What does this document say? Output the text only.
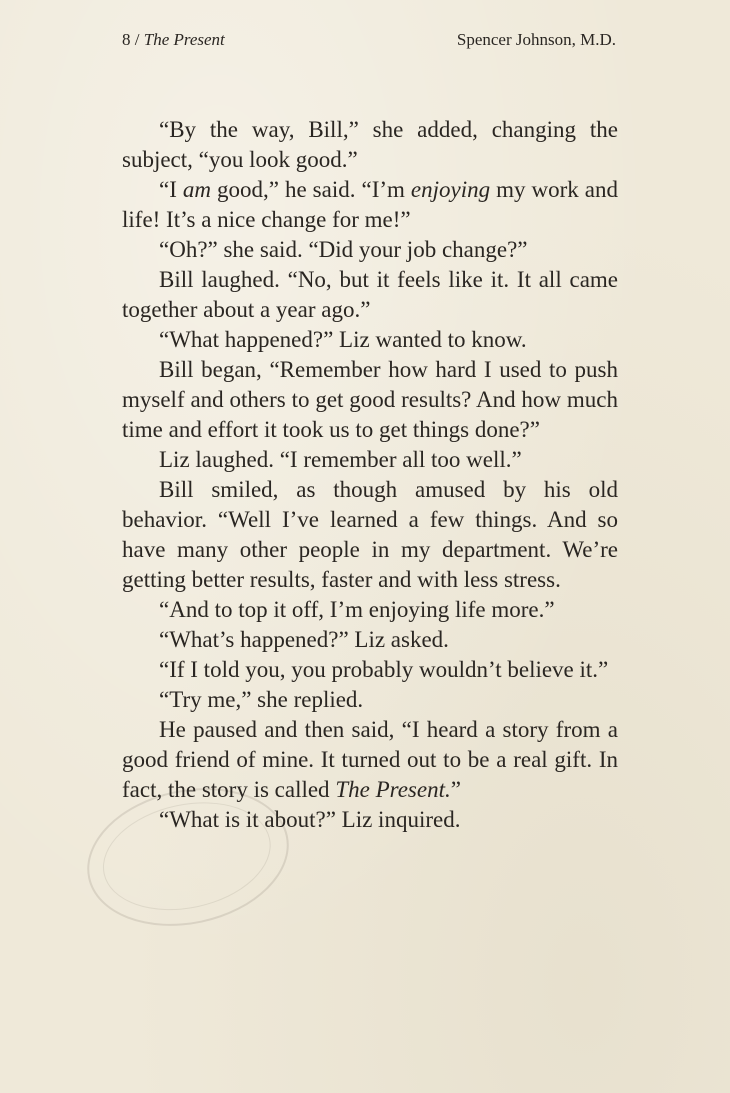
8 / The Present	Spencer Johnson, M.D.

“By the way, Bill,” she added, changing the subject, “you look good.”

“I am good,” he said. “I’m enjoying my work and life! It’s a nice change for me!”

“Oh?” she said. “Did your job change?”

Bill laughed. “No, but it feels like it. It all came together about a year ago.”

“What happened?” Liz wanted to know.

Bill began, “Remember how hard I used to push myself and others to get good results? And how much time and effort it took us to get things done?”

Liz laughed. “I remember all too well.”

Bill smiled, as though amused by his old behavior. “Well I’ve learned a few things. And so have many other people in my department. We’re getting better results, faster and with less stress.

“And to top it off, I’m enjoying life more.”

“What’s happened?” Liz asked.

“If I told you, you probably wouldn’t believe it.”

“Try me,” she replied.

He paused and then said, “I heard a story from a good friend of mine. It turned out to be a real gift. In fact, the story is called The Present.”

“What is it about?” Liz inquired.
